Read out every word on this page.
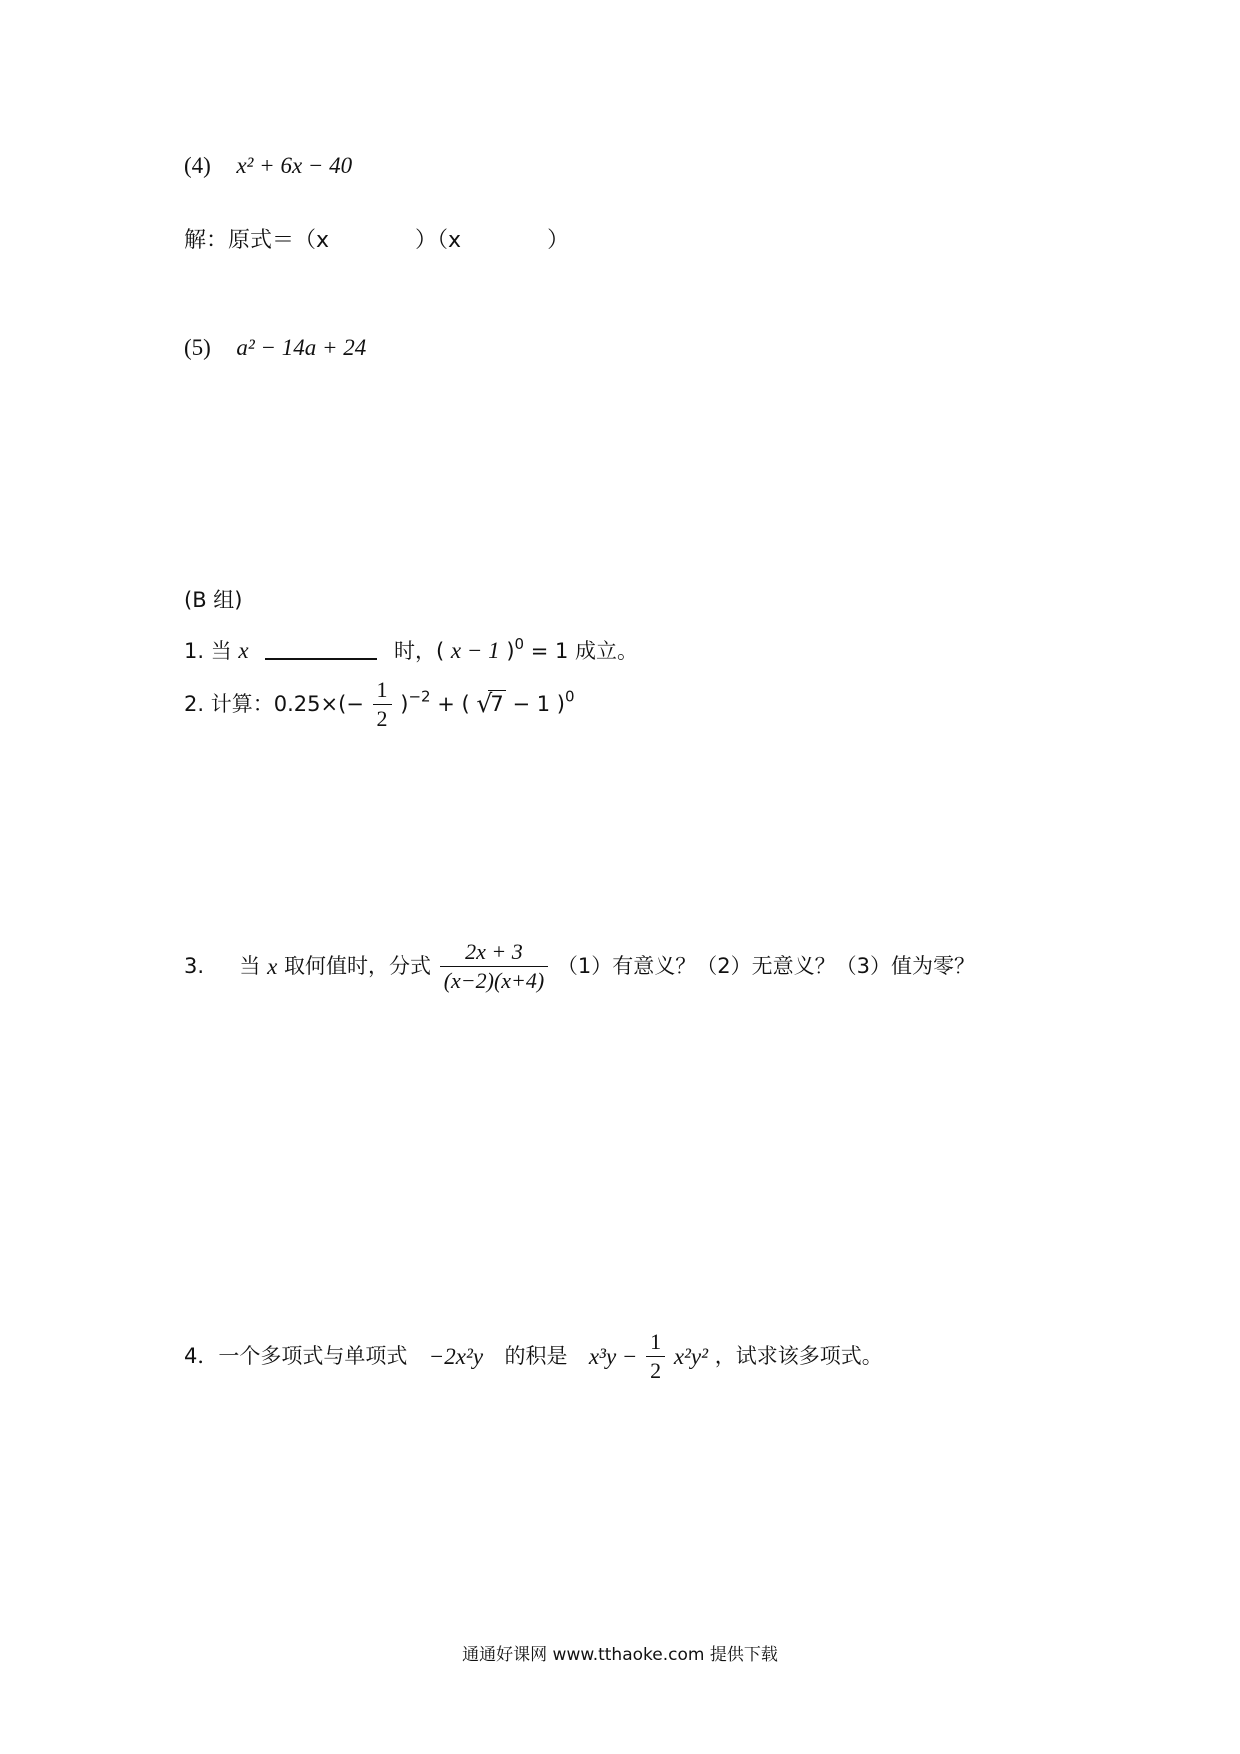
(4) x² + 6x − 40
解：原式＝（x	）（x	）
(5) a² − 14a + 24
(B 组)
1. 当 x	时，( x − 1 )$^0$ = 1 成立。
2. 计算：$0.25\times(- \frac{1}{2} )^{-2}$ + ( √
7 − 1 )$^0$
3. 当 x 取何值时，分式 $\frac{2x + 3}{(x-2)(x+4)} (1)$有意义？（2）无意义？（3）值为零？
4．一个多项式与单项式 −2x²y 的积是 $x^3y - \frac{1}{2} x^2y^2$ ，试求该多项式。
通通好课网 www.tthaoke.com 提供下载
